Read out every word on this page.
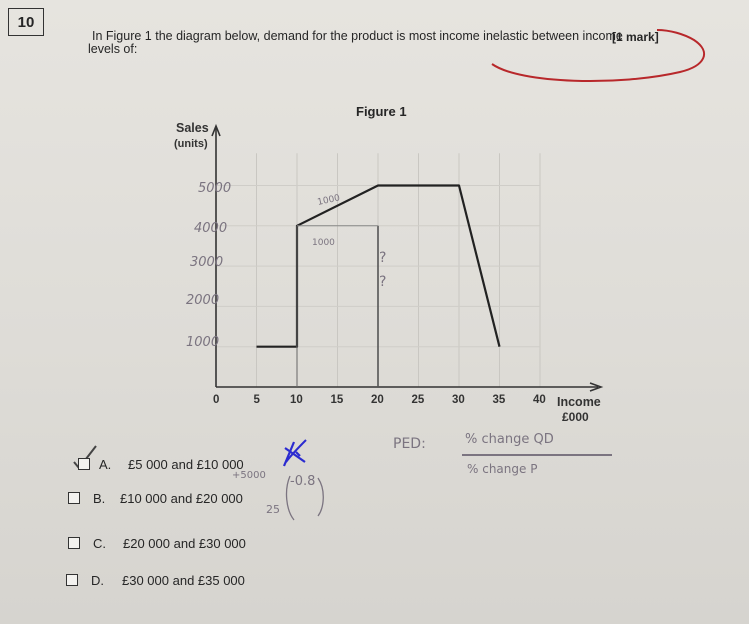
10
[1 mark]
In Figure 1 the diagram below, demand for the product is most income inelastic between income
levels of:
Figure 1
0	5	10 15 20 25 30 35 40
Sales
(units)
Income
£000
5000
4000
3000
2000
1000
1000
1000
?
?
PED:	% change QD
% change P
+5000 -0.8
25
A. £5 000 and £10 000
B. £10 000 and £20 000
C. £20 000 and £30 000
D. £30 000 and £35 000
